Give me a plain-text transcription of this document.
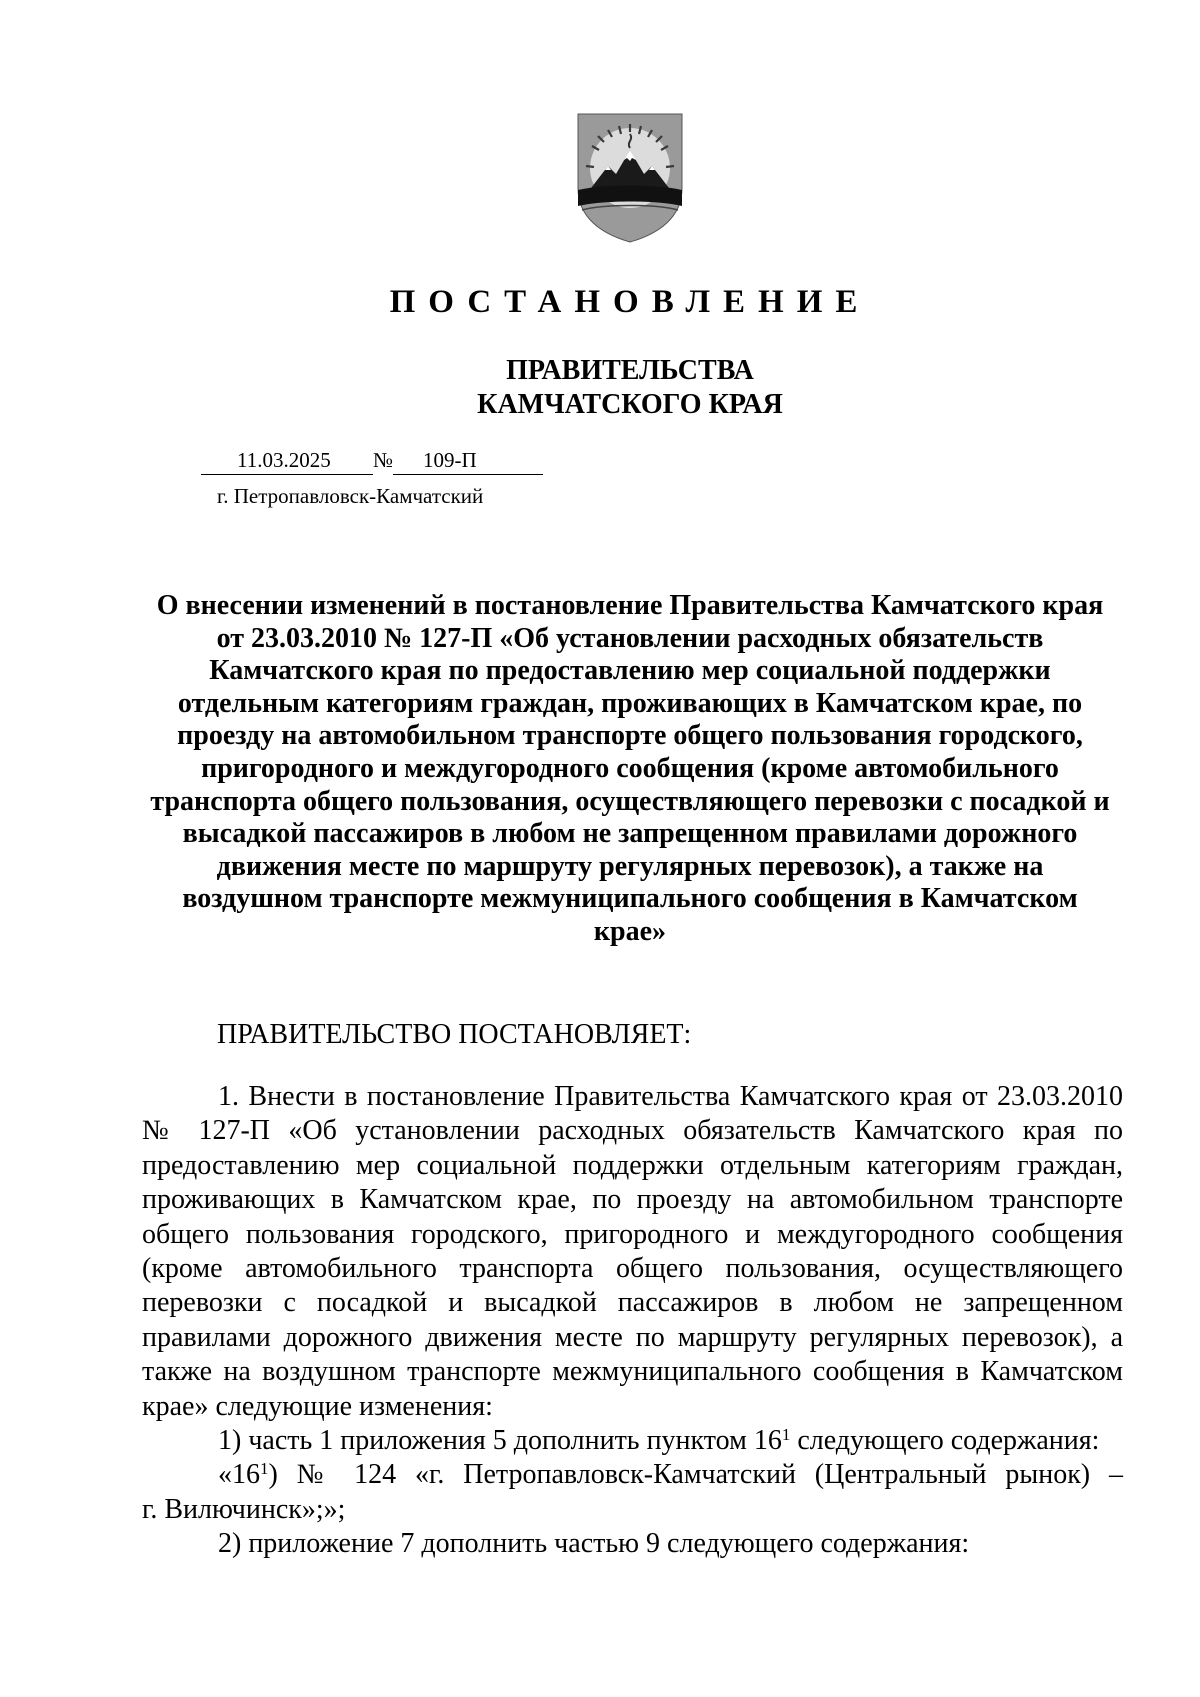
ПОСТАНОВЛЕНИЕ
ПРАВИТЕЛЬСТВА
КАМЧАТСКОГО КРАЯ
11.03.2025 № 109-П
г. Петропавловск-Камчатский
О внесении изменений в постановление Правительства Камчатского края
от 23.03.2010 № 127-П «Об установлении расходных обязательств
Камчатского края по предоставлению мер социальной поддержки
отдельным категориям граждан, проживающих в Камчатском крае, по
проезду на автомобильном транспорте общего пользования городского,
пригородного и междугородного сообщения (кроме автомобильного
транспорта общего пользования, осуществляющего перевозки с посадкой и
высадкой пассажиров в любом не запрещенном правилами дорожного
движения месте по маршруту регулярных перевозок), а также на
воздушном транспорте межмуниципального сообщения в Камчатском
крае»
ПРАВИТЕЛЬСТВО ПОСТАНОВЛЯЕТ:
1. Внести в постановление Правительства Камчатского края от 23.03.2010
№ 127-П «Об установлении расходных обязательств Камчатского края по
предоставлению мер социальной поддержки отдельным категориям граждан,
проживающих в Камчатском крае, по проезду на автомобильном транспорте
общего пользования городского, пригородного и междугородного сообщения
(кроме автомобильного транспорта общего пользования, осуществляющего
перевозки с посадкой и высадкой пассажиров в любом не запрещенном
правилами дорожного движения месте по маршруту регулярных перевозок), а
также на воздушном транспорте межмуниципального сообщения в Камчатском
крае» следующие изменения:
1) часть 1 приложения 5 дополнить пунктом $16^1$ следующего содержания:
«$16^1$) № 124 «г. Петропавловск-Камчатский (Центральный рынок) –
г. Вилючинск»;»;
2) приложение 7 дополнить частью 9 следующего содержания:
